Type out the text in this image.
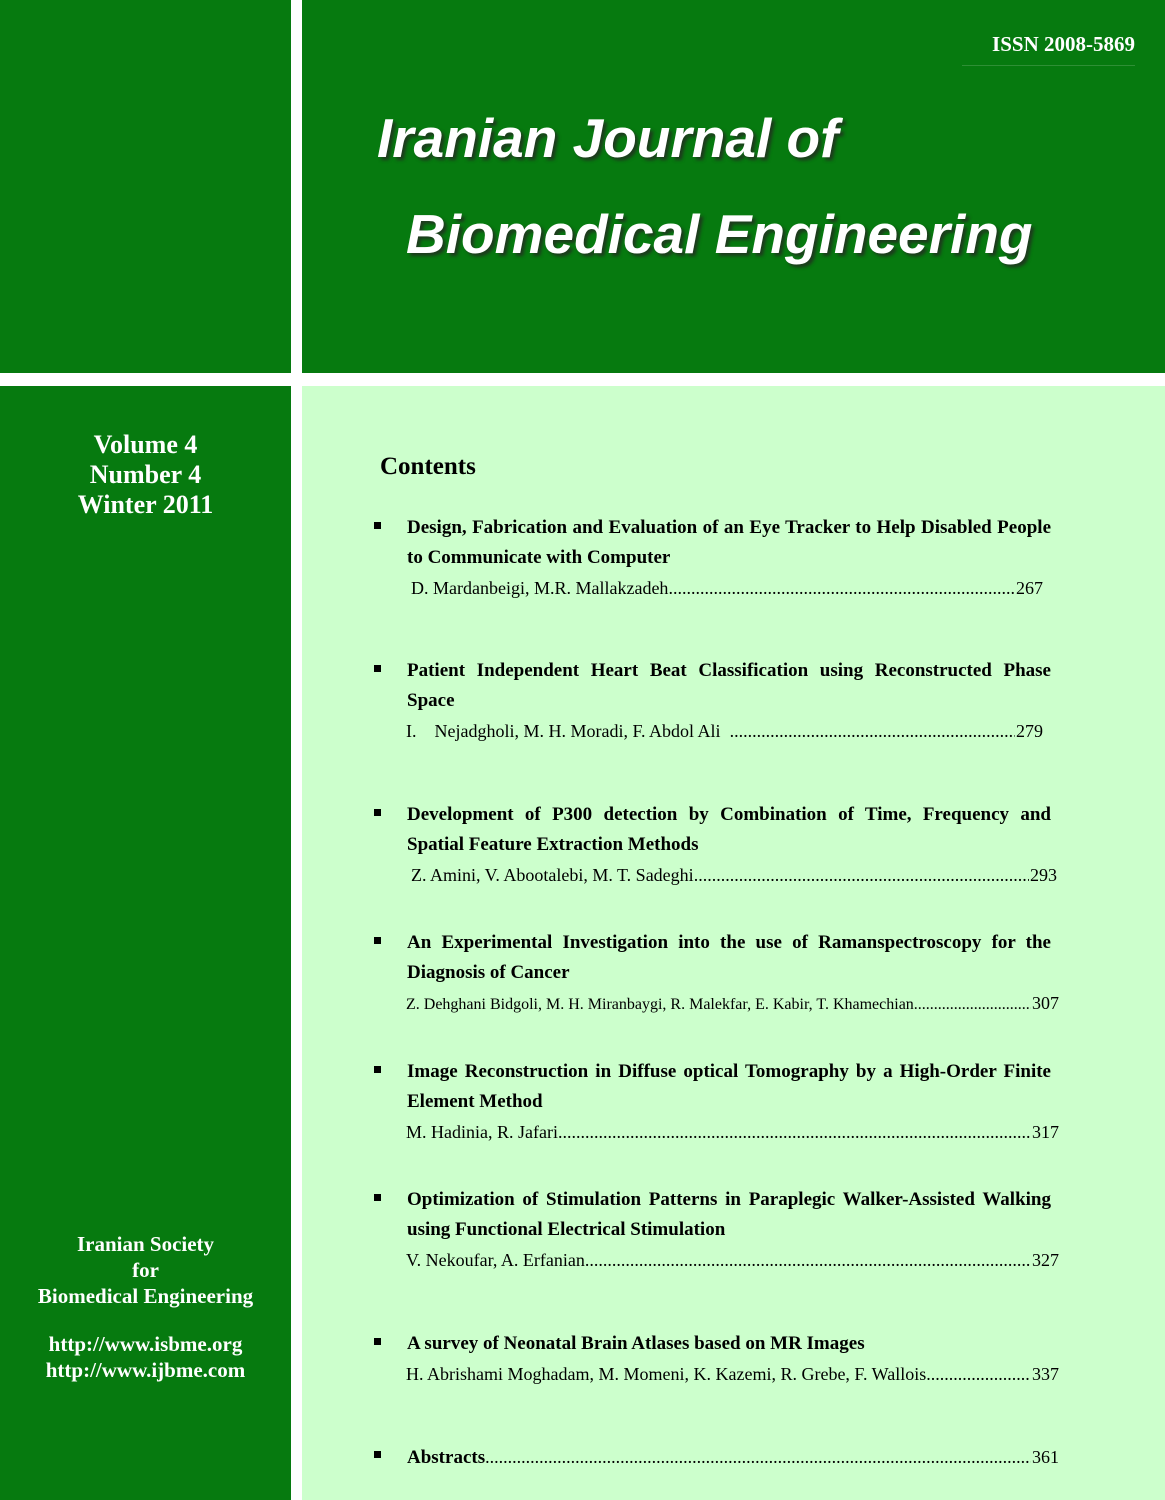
ISSN 2008-5869
Iranian Journal of
Biomedical Engineering
Volume 4
Number 4
Winter 2011
Iranian Society
for
Biomedical Engineering
http://www.isbme.org
http://www.ijbme.com
Contents
Design, Fabrication and Evaluation of an Eye Tracker to Help Disabled People to Communicate with Computer
D. Mardanbeigi, M.R. Mallakzadeh .....	267
Patient Independent Heart Beat Classification using Reconstructed Phase Space
I.    Nejadgholi, M. H. Moradi, F. Abdol Ali .....	279
Development of P300 detection by Combination of Time, Frequency and Spatial Feature Extraction Methods
Z. Amini, V. Abootalebi, M. T. Sadeghi .....	293
An Experimental Investigation into the use of Ramanspectroscopy for the Diagnosis of Cancer
Z. Dehghani Bidgoli, M. H. Miranbaygi, R. Malekfar, E. Kabir, T. Khamechian .....	307
Image Reconstruction in Diffuse optical Tomography by a High-Order Finite Element Method
M. Hadinia, R. Jafari .....	317
Optimization of Stimulation Patterns in Paraplegic Walker-Assisted Walking using Functional Electrical Stimulation
V. Nekoufar, A. Erfanian .....	327
A survey of Neonatal Brain Atlases based on MR Images
H. Abrishami Moghadam, M. Momeni, K. Kazemi, R. Grebe, F. Wallois .....	337
Abstracts .....	361
